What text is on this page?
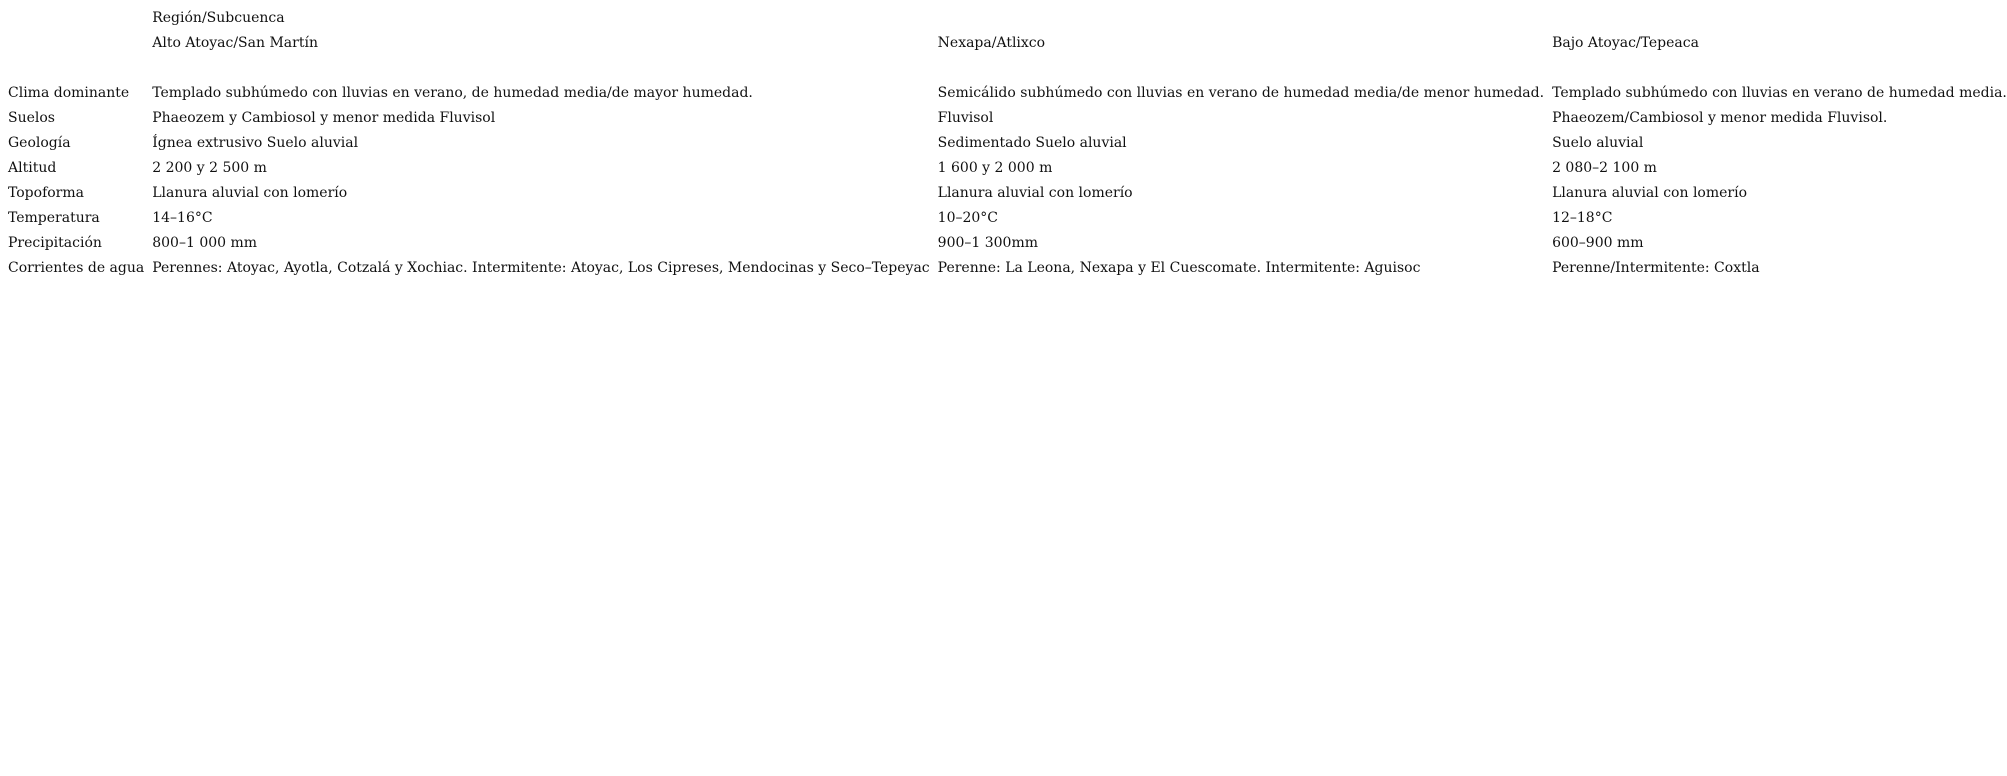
	Región/Subcuenca		
	Alto Atoyac/San Martín	Nexapa/Atlixco	Bajo Atoyac/Tepeaca

Clima dominante	Templado subhúmedo con lluvias en verano, de humedad media/de mayor humedad.	Semicálido subhúmedo con lluvias en verano de humedad media/de menor humedad.	Templado subhúmedo con lluvias en verano de humedad media.
Suelos	Phaeozem y Cambiosol y menor medida Fluvisol	Fluvisol	Phaeozem/Cambiosol y menor medida Fluvisol.
Geología	Ígnea extrusivo Suelo aluvial	Sedimentado Suelo aluvial	Suelo aluvial
Altitud	2 200 y 2 500 m	1 600 y 2 000 m	2 080–2 100 m
Topoforma	Llanura aluvial con lomerío	Llanura aluvial con lomerío	Llanura aluvial con lomerío
Temperatura	14–16°C	10–20°C	12–18°C
Precipitación	800–1 000 mm	900–1 300mm	600–900 mm
Corrientes de agua	Perennes: Atoyac, Ayotla, Cotzalá y Xochiac. Intermitente: Atoyac, Los Cipreses, Mendocinas y Seco–Tepeyac	Perenne: La Leona, Nexapa y El Cuescomate. Intermitente: Aguisoc	Perenne/Intermitente: Coxtla
